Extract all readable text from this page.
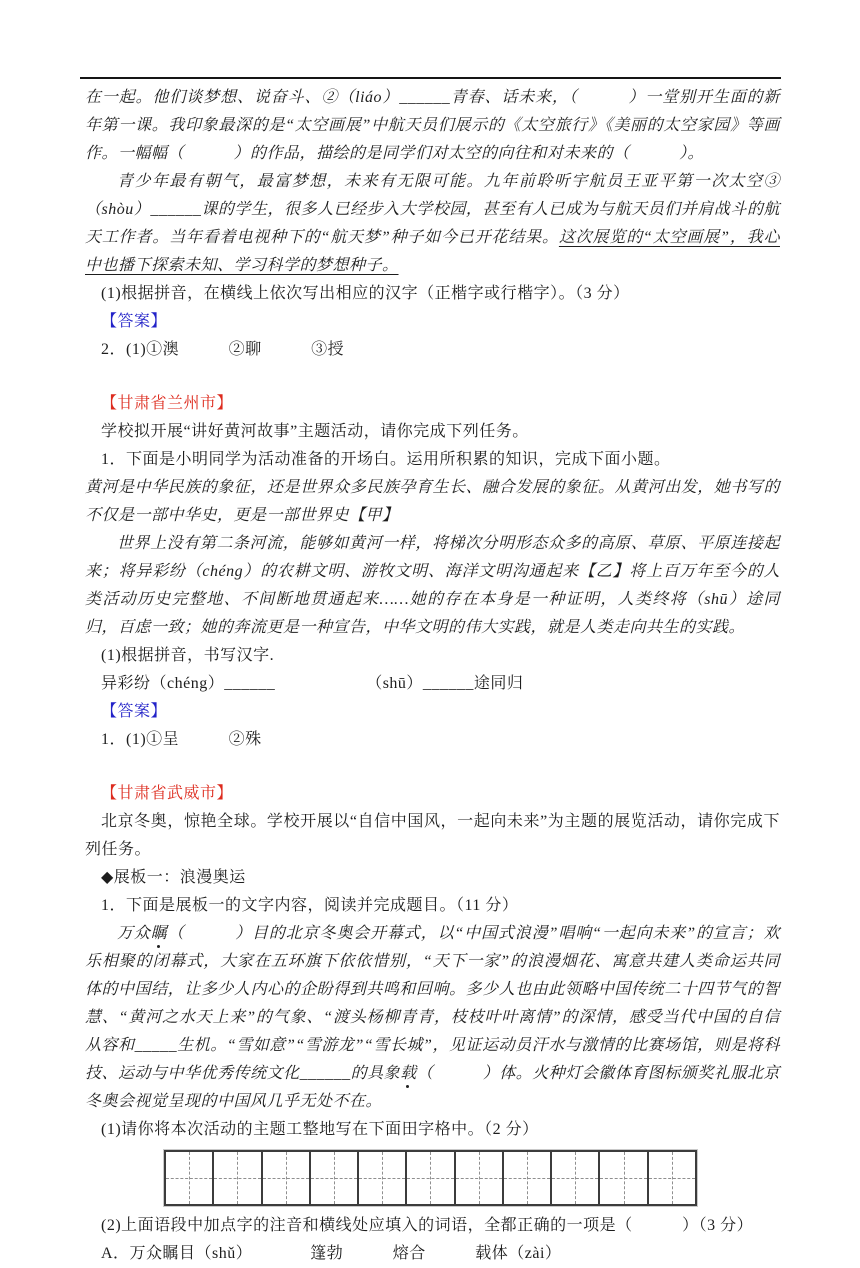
在一起。他们谈梦想、说奋斗、②（liáo）______青春、话未来，（　　　）一堂别开生面的新年第一课。我印象最深的是“太空画展”中航天员们展示的《太空旅行》《美丽的太空家园》等画作。一幅幅（　　　）的作品，描绘的是同学们对太空的向往和对未来的（　　　）。

青少年最有朝气，最富梦想，未来有无限可能。九年前聆听宇航员王亚平第一次太空③（shòu）______课的学生，很多人已经步入大学校园，甚至有人已成为与航天员们并肩战斗的航天工作者。当年看着电视种下的“航天梦”种子如今已开花结果。这次展览的“太空画展”，我心中也播下探索未知、学习科学的梦想种子。

(1)根据拼音，在横线上依次写出相应的汉字（正楷字或行楷字）。（3 分）

【答案】

2．(1)①澳　　　②聊　　　③授

【甘肃省兰州市】

学校拟开展“讲好黄河故事”主题活动，请你完成下列任务。

1．下面是小明同学为活动准备的开场白。运用所积累的知识，完成下面小题。

黄河是中华民族的象征，还是世界众多民族孕育生长、融合发展的象征。从黄河出发，她书写的不仅是一部中华史，更是一部世界史【甲】

世界上没有第二条河流，能够如黄河一样，将梯次分明形态众多的高原、草原、平原连接起来；将异彩纷（chéng）的农耕文明、游牧文明、海洋文明沟通起来【乙】将上百万年至今的人类活动历史完整地、不间断地贯通起来……她的存在本身是一种证明，人类终将（shū）途同归，百虑一致；她的奔流更是一种宣告，中华文明的伟大实践，就是人类走向共生的实践。

(1)根据拼音，书写汉字.

异彩纷（chéng）______　　　　　　（shū）______途同归

【答案】

1．(1)①呈　　　②殊

【甘肃省武威市】

北京冬奥，惊艳全球。学校开展以“自信中国风，一起向未来”为主题的展览活动，请你完成下列任务。

◆展板一：浪漫奥运

1．下面是展板一的文字内容，阅读并完成题目。（11 分）

万众瞩（　　　）目的北京冬奥会开幕式，以“中国式浪漫”唱响“一起向未来”的宣言；欢乐相聚的闭幕式，大家在五环旗下依依惜别，“天下一家”的浪漫烟花、寓意共建人类命运共同体的中国结，让多少人内心的企盼得到共鸣和回响。多少人也由此领略中国传统二十四节气的智慧、“黄河之水天上来”的气象、“渡头杨柳青青，枝枝叶叶离情”的深情，感受当代中国的自信从容和_____生机。“雪如意”“雪游龙”“雪长城”，见证运动员汗水与激情的比赛场馆，则是将科技、运动与中华优秀传统文化______的具象载（　　　）体。火种灯会徽体育图标颁奖礼服北京冬奥会视觉呈现的中国风几乎无处不在。

(1)请你将本次活动的主题工整地写在下面田字格中。（2 分）

(2)上面语段中加点字的注音和横线处应填入的词语，全都正确的一项是（　　　）（3 分）

A．万众瞩目（shǔ）　　　　篷勃　　　熔合　　　载体（zài）
